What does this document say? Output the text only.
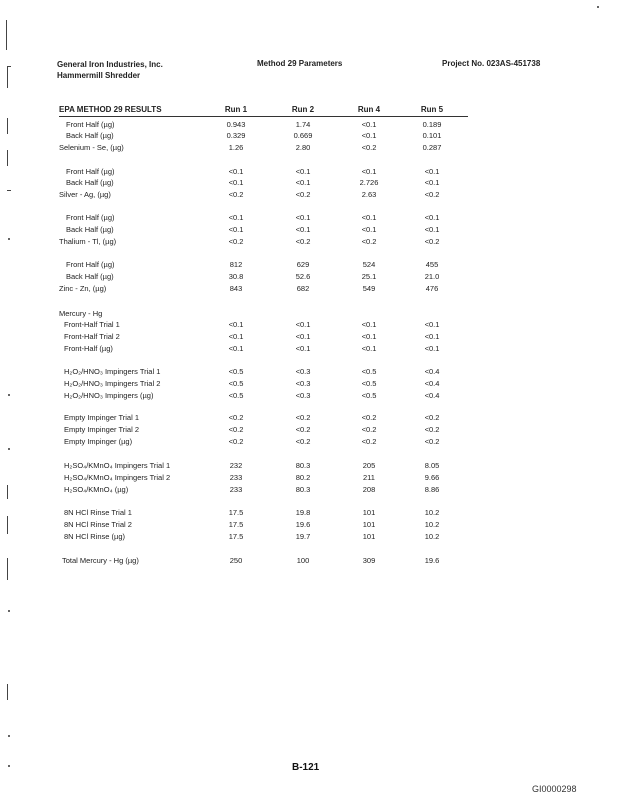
General Iron Industries, Inc.
Hammermill Shredder
Method 29 Parameters	Project No. 023AS-451738
EPA METHOD 29 RESULTS	Run 1	Run 2	Run 4	Run 5
Front Half (µg)	0.943	1.74	<0.1	0.189
Back Half (µg)	0.329	0.669	<0.1	0.101
Selenium - Se, (µg)	1.26	2.80	<0.2	0.287
Front Half (µg)	<0.1	<0.1	<0.1	<0.1
Back Half (µg)	<0.1	<0.1	2.726	<0.1
Silver - Ag, (µg)	<0.2	<0.2	2.63	<0.2
Front Half (µg)	<0.1	<0.1	<0.1	<0.1
Back Half (µg)	<0.1	<0.1	<0.1	<0.1
Thalium - Tl, (µg)	<0.2	<0.2	<0.2	<0.2
Front Half (µg)	812	629	524	455
Back Half (µg)	30.8	52.6	25.1	21.0
Zinc - Zn, (µg)	843	682	549	476
Mercury - Hg
Front-Half Trial 1	<0.1	<0.1	<0.1	<0.1
Front-Half Trial 2	<0.1	<0.1	<0.1	<0.1
Front-Half (µg)	<0.1	<0.1	<0.1	<0.1
H₂O₂/HNO₃ Impingers Trial 1	<0.5	<0.3	<0.5	<0.4
H₂O₂/HNO₃ Impingers Trial 2	<0.5	<0.3	<0.5	<0.4
H₂O₂/HNO₃ Impingers (µg)	<0.5	<0.3	<0.5	<0.4
Empty Impinger Trial 1	<0.2	<0.2	<0.2	<0.2
Empty Impinger Trial 2	<0.2	<0.2	<0.2	<0.2
Empty Impinger (µg)	<0.2	<0.2	<0.2	<0.2
H₂SO₄/KMnO₄ Impingers Trial 1	232	80.3	205	8.05
H₂SO₄/KMnO₄ Impingers Trial 2	233	80.2	211	9.66
H₂SO₄/KMnO₄ (µg)	233	80.3	208	8.86
8N HCl Rinse Trial 1	17.5	19.8	101	10.2
8N HCl Rinse Trial 2	17.5	19.6	101	10.2
8N HCl Rinse (µg)	17.5	19.7	101	10.2
Total Mercury - Hg (µg)	250	100	309	19.6
B-121
GI0000298
